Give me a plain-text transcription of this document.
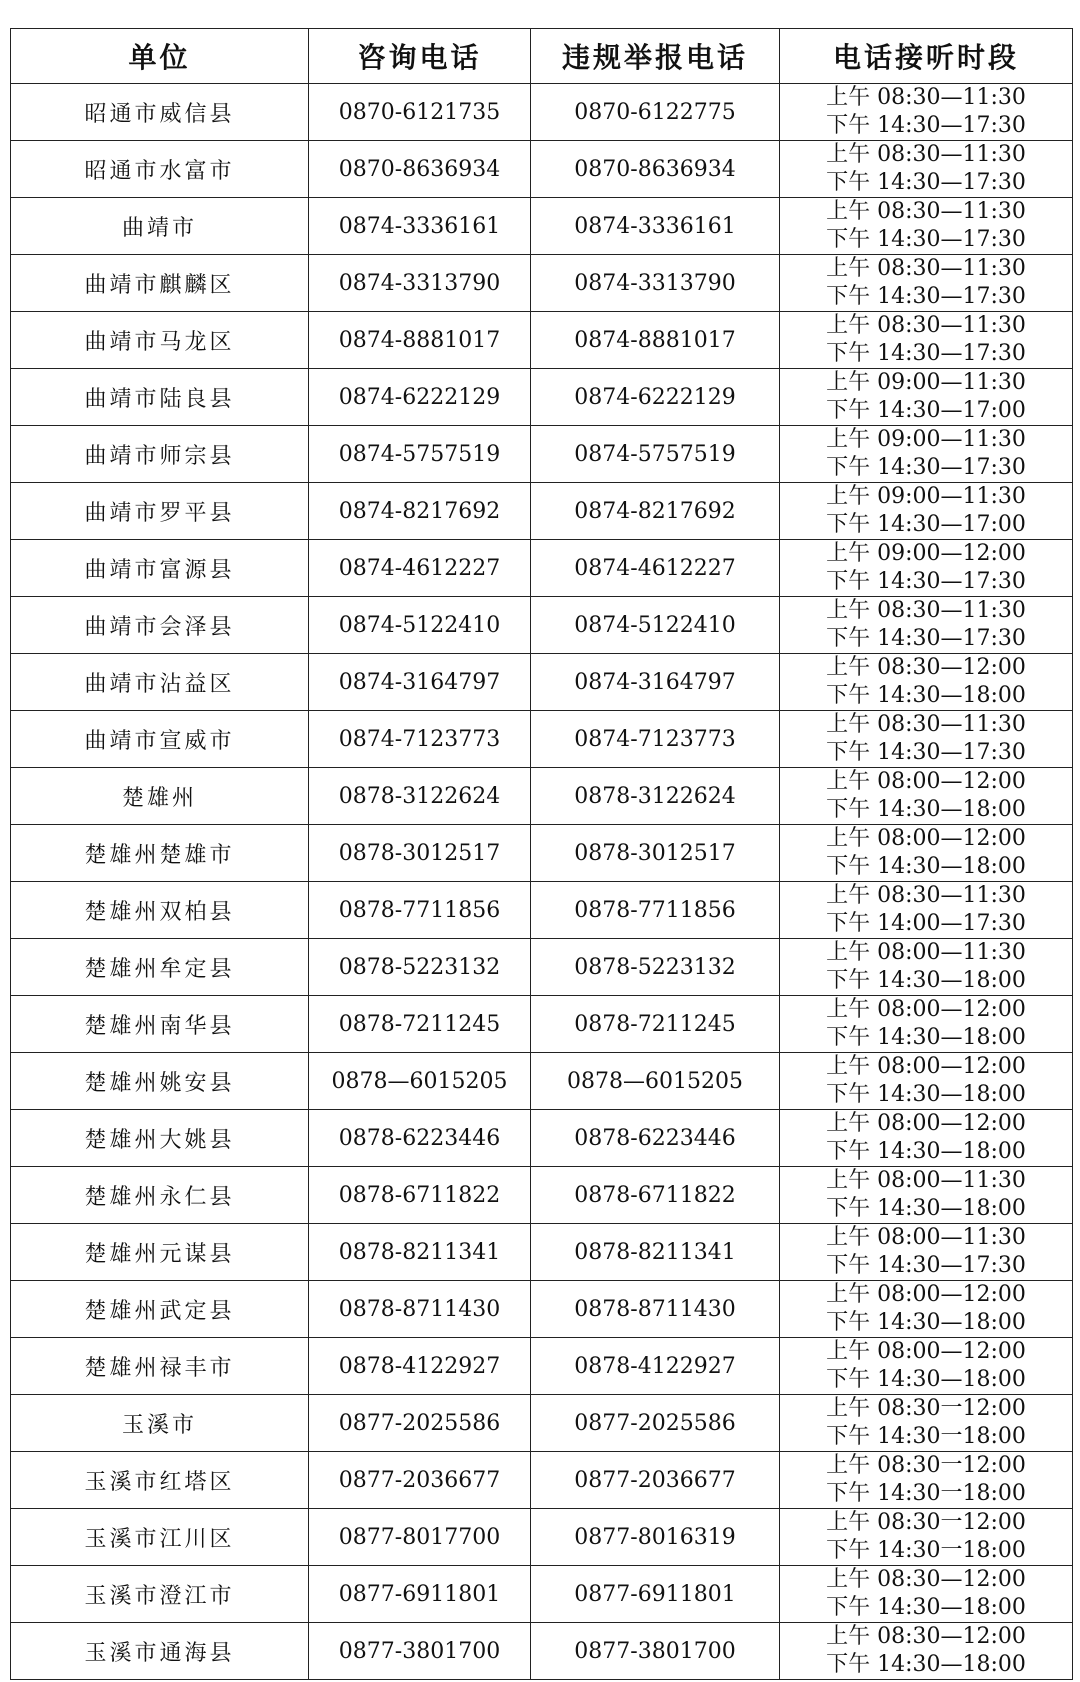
单位	咨询电话	违规举报电话	电话接听时段
昭通市威信县	0870-6121735	0870-6122775	上午 08:30—11:30
下午 14:30—17:30

昭通市水富市	0870-8636934	0870-8636934	上午 08:30—11:30
下午 14:30—17:30

曲靖市	0874-3336161	0874-3336161	上午 08:30—11:30
下午 14:30—17:30

曲靖市麒麟区	0874-3313790	0874-3313790	上午 08:30—11:30
下午 14:30—17:30

曲靖市马龙区	0874-8881017	0874-8881017	上午 08:30—11:30
下午 14:30—17:30

曲靖市陆良县	0874-6222129	0874-6222129	上午 09:00—11:30
下午 14:30—17:00

曲靖市师宗县	0874-5757519	0874-5757519	上午 09:00—11:30
下午 14:30—17:30

曲靖市罗平县	0874-8217692	0874-8217692	上午 09:00—11:30
下午 14:30—17:00

曲靖市富源县	0874-4612227	0874-4612227	上午 09:00—12:00
下午 14:30—17:30

曲靖市会泽县	0874-5122410	0874-5122410	上午 08:30—11:30
下午 14:30—17:30

曲靖市沾益区	0874-3164797	0874-3164797	上午 08:30—12:00
下午 14:30—18:00

曲靖市宣威市	0874-7123773	0874-7123773	上午 08:30—11:30
下午 14:30—17:30

楚雄州	0878-3122624	0878-3122624	上午 08:00—12:00
下午 14:30—18:00

楚雄州楚雄市	0878-3012517	0878-3012517	上午 08:00—12:00
下午 14:30—18:00

楚雄州双柏县	0878-7711856	0878-7711856	上午 08:30—11:30
下午 14:00—17:30

楚雄州牟定县	0878-5223132	0878-5223132	上午 08:00—11:30
下午 14:30—18:00

楚雄州南华县	0878-7211245	0878-7211245	上午 08:00—12:00
下午 14:30—18:00

楚雄州姚安县	0878—6015205	0878—6015205	上午 08:00—12:00
下午 14:30—18:00

楚雄州大姚县	0878-6223446	0878-6223446	上午 08:00—12:00
下午 14:30—18:00

楚雄州永仁县	0878-6711822	0878-6711822	上午 08:00—11:30
下午 14:30—18:00

楚雄州元谋县	0878-8211341	0878-8211341	上午 08:00—11:30
下午 14:30—17:30

楚雄州武定县	0878-8711430	0878-8711430	上午 08:00—12:00
下午 14:30—18:00

楚雄州禄丰市	0878-4122927	0878-4122927	上午 08:00—12:00
下午 14:30—18:00

玉溪市	0877-2025586	0877-2025586	上午 08:30一12:00
下午 14:30一18:00

玉溪市红塔区	0877-2036677	0877-2036677	上午 08:30一12:00
下午 14:30一18:00

玉溪市江川区	0877-8017700	0877-8016319	上午 08:30一12:00
下午 14:30一18:00

玉溪市澄江市	0877-6911801	0877-6911801	上午 08:30—12:00
下午 14:30—18:00

玉溪市通海县	0877-3801700	0877-3801700	上午 08:30—12:00
下午 14:30—18:00
